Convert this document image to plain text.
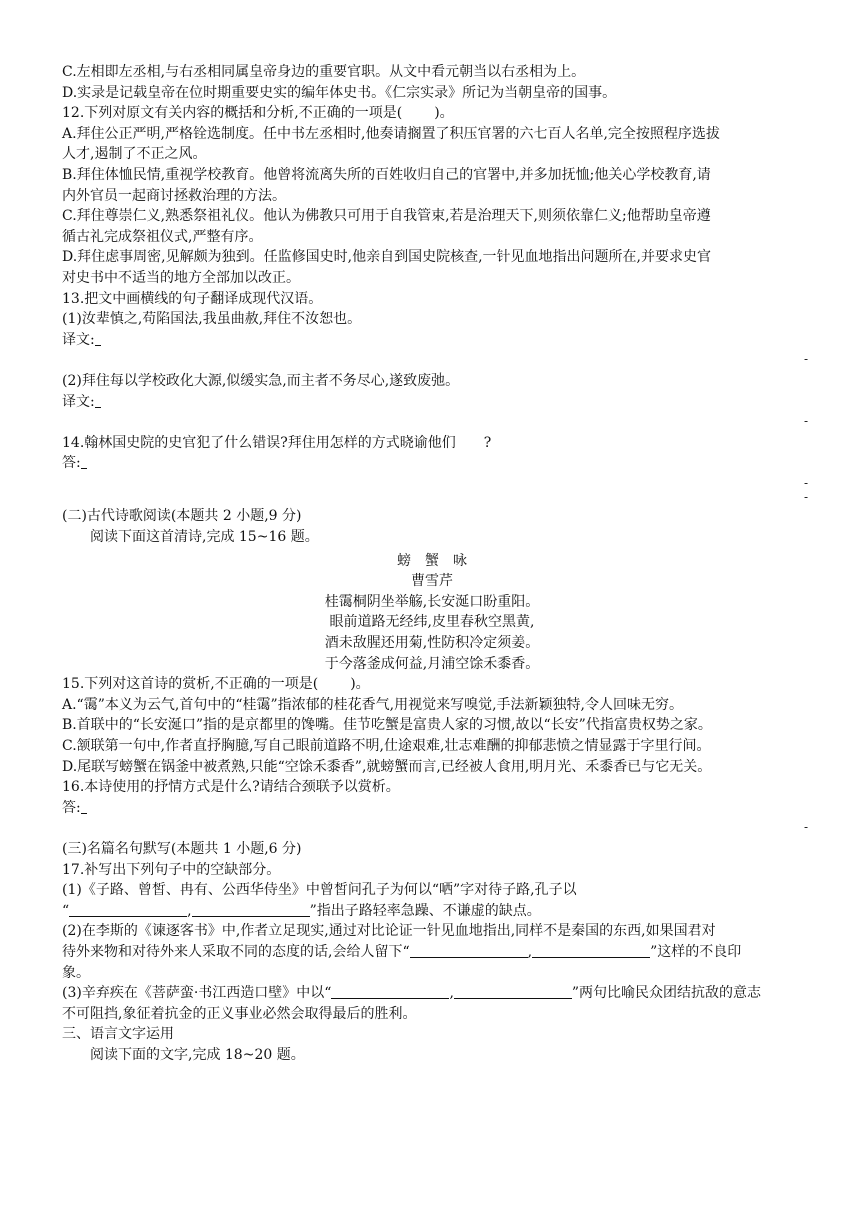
C.左相即左丞相,与右丞相同属皇帝身边的重要官职。从文中看元朝当以右丞相为上。
D.实录是记载皇帝在位时期重要史实的编年体史书。《仁宗实录》所记为当朝皇帝的国事。
12.下列对原文有关内容的概括和分析,不正确的一项是( )。
A.拜住公正严明,严格铨选制度。任中书左丞相时,他奏请搁置了积压官署的六七百人名单,完全按照程序选拔
人才,遏制了不正之风。
B.拜住体恤民情,重视学校教育。他曾将流离失所的百姓收归自己的官署中,并多加抚恤;他关心学校教育,请
内外官员一起商讨拯救治理的方法。
C.拜住尊崇仁义,熟悉祭祖礼仪。他认为佛教只可用于自我管束,若是治理天下,则须依靠仁义;他帮助皇帝遵
循古礼完成祭祖仪式,严整有序。
D.拜住虑事周密,见解颇为独到。任监修国史时,他亲自到国史院核查,一针见血地指出问题所在,并要求史官
对史书中不适当的地方全部加以改正。
13.把文中画横线的句子翻译成现代汉语。
(1)汝辈慎之,苟陷国法,我虽曲赦,拜住不汝恕也。
译文:
-
(2)拜住每以学校政化大源,似缓实急,而主者不务尽心,遂致废弛。
译文:
-
14.翰林国史院的史官犯了什么错误?拜住用怎样的方式晓谕他们 ?
答:
-
-
(二)古代诗歌阅读(本题共 2 小题,9 分)
阅读下面这首清诗,完成 15~16 题。
螃　蟹　咏
曹雪芹
桂霭桐阴坐举觞,长安涎口盼重阳。
眼前道路无经纬,皮里春秋空黑黄,
酒未敌腥还用菊,性防积冷定须姜。
于今落釜成何益,月浦空馀禾黍香。
15.下列对这首诗的赏析,不正确的一项是( )。
A.“霭”本义为云气,首句中的“桂霭”指浓郁的桂花香气,用视觉来写嗅觉,手法新颖独特,令人回味无穷。
B.首联中的“长安涎口”指的是京都里的馋嘴。佳节吃蟹是富贵人家的习惯,故以“长安”代指富贵权势之家。
C.颔联第一句中,作者直抒胸臆,写自己眼前道路不明,仕途艰难,壮志难酬的抑郁悲愤之情显露于字里行间。
D.尾联写螃蟹在锅釜中被煮熟,只能“空馀禾黍香”,就螃蟹而言,已经被人食用,明月光、禾黍香已与它无关。
16.本诗使用的抒情方式是什么?请结合颈联予以赏析。
答:
-
(三)名篇名句默写(本题共 1 小题,6 分)
17.补写出下列句子中的空缺部分。
(1)《子路、曾皙、冉有、公西华侍坐》中曾皙问孔子为何以“哂”字对待子路,孔子以
“	,	”指出子路轻率急躁、不谦虚的缺点。
(2)在李斯的《谏逐客书》中,作者立足现实,通过对比论证一针见血地指出,同样不是秦国的东西,如果国君对
待外来物和对待外来人采取不同的态度的话,会给人留下“	,	”这样的不良印
象。
(3)辛弃疾在《菩萨蛮·书江西造口壁》中以“	,	”两句比喻民众团结抗敌的意志
不可阻挡,象征着抗金的正义事业必然会取得最后的胜利。
三、语言文字运用
阅读下面的文字,完成 18~20 题。
